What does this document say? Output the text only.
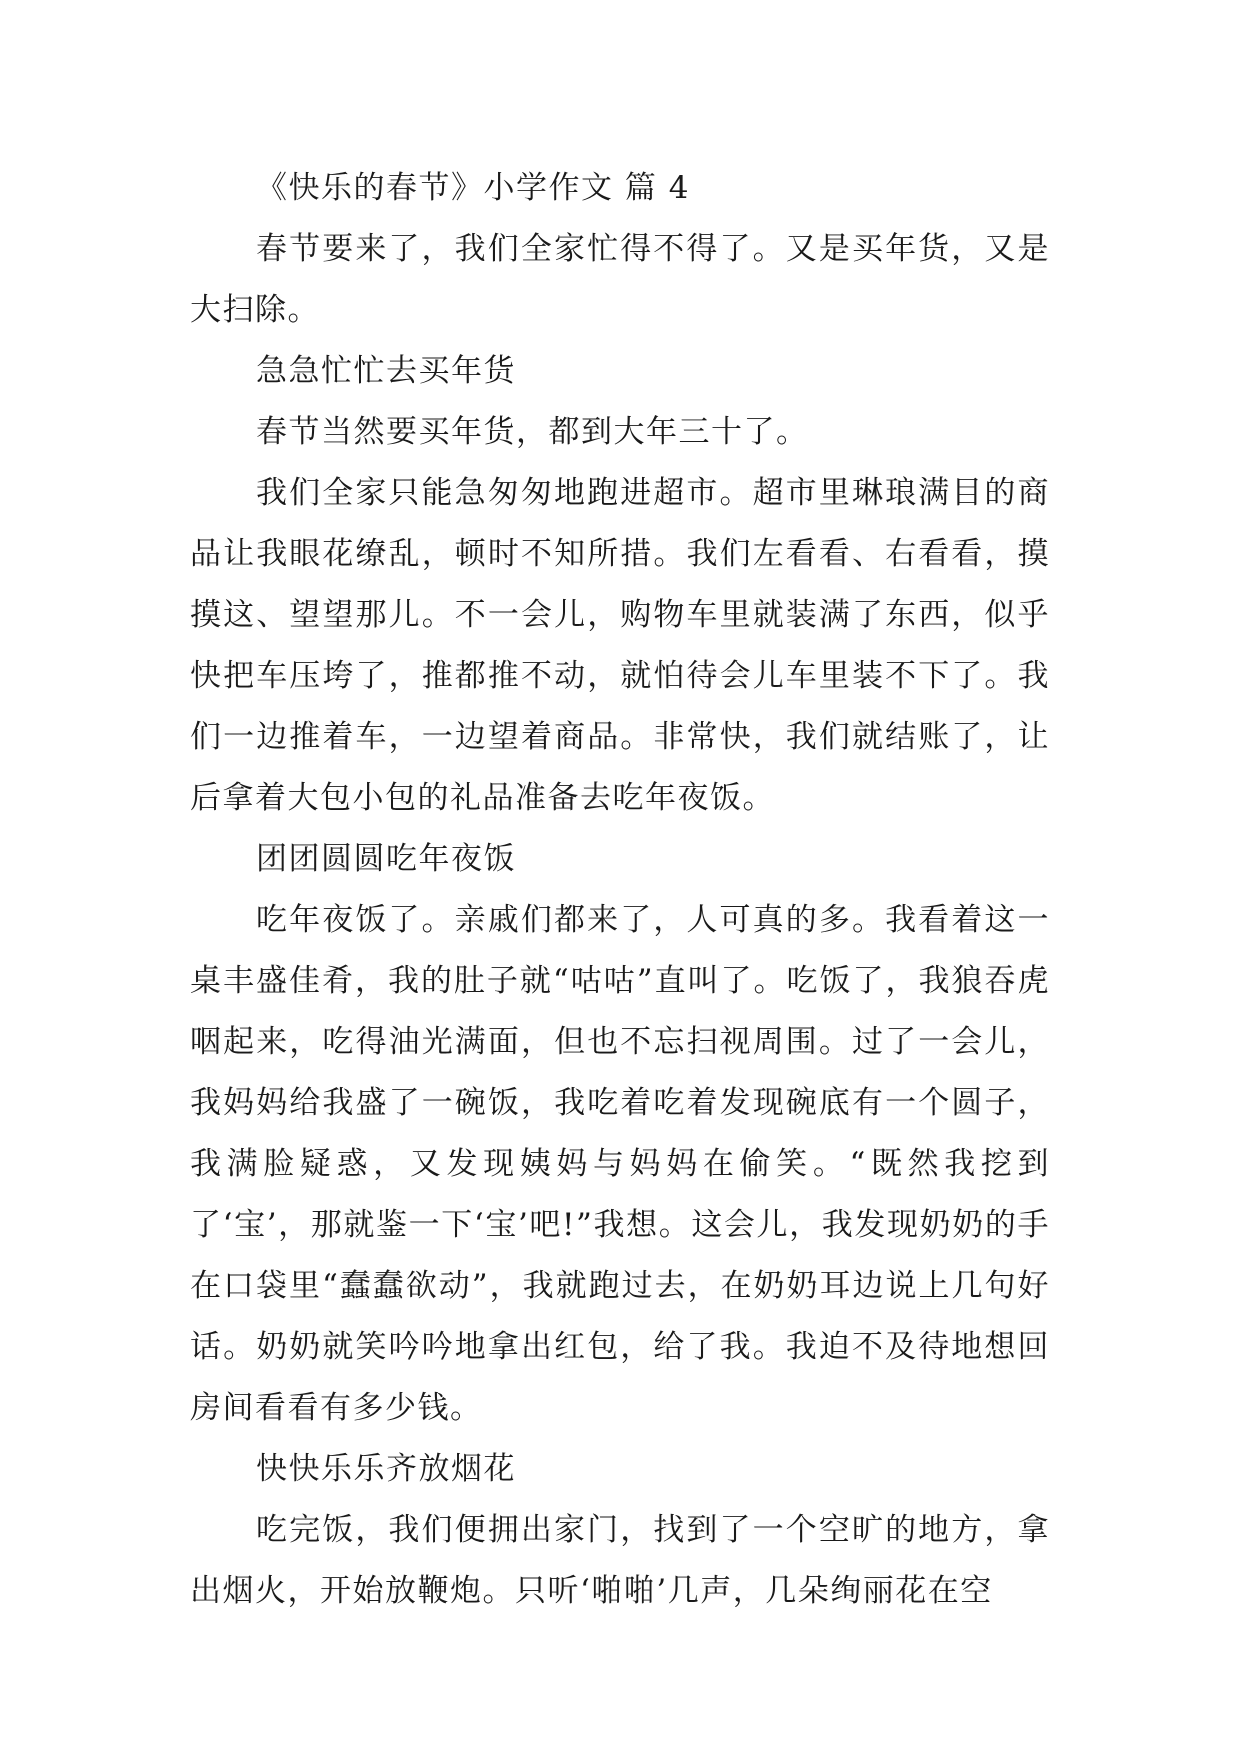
《快乐的春节》小学作文 篇 4

春节要来了，我们全家忙得不得了。又是买年货，又是大扫除。

急急忙忙去买年货

春节当然要买年货，都到大年三十了。

我们全家只能急匆匆地跑进超市。超市里琳琅满目的商品让我眼花缭乱，顿时不知所措。我们左看看、右看看，摸摸这、望望那儿。不一会儿，购物车里就装满了东西，似乎快把车压垮了，推都推不动，就怕待会儿车里装不下了。我们一边推着车，一边望着商品。非常快，我们就结账了，让后拿着大包小包的礼品准备去吃年夜饭。

团团圆圆吃年夜饭

吃年夜饭了。亲戚们都来了，人可真的多。我看着这一桌丰盛佳肴，我的肚子就“咕咕”直叫了。吃饭了，我狼吞虎咽起来，吃得油光满面，但也不忘扫视周围。过了一会儿，我妈妈给我盛了一碗饭，我吃着吃着发现碗底有一个圆子，我满脸疑惑，又发现姨妈与妈妈在偷笑。“既然我挖到了‘宝’，那就鉴一下‘宝’吧!”我想。这会儿，我发现奶奶的手在口袋里“蠢蠢欲动”，我就跑过去，在奶奶耳边说上几句好话。奶奶就笑吟吟地拿出红包，给了我。我迫不及待地想回房间看看有多少钱。

快快乐乐齐放烟花

吃完饭，我们便拥出家门，找到了一个空旷的地方，拿出烟火，开始放鞭炮。只听‘啪啪’几声，几朵绚丽花在空
